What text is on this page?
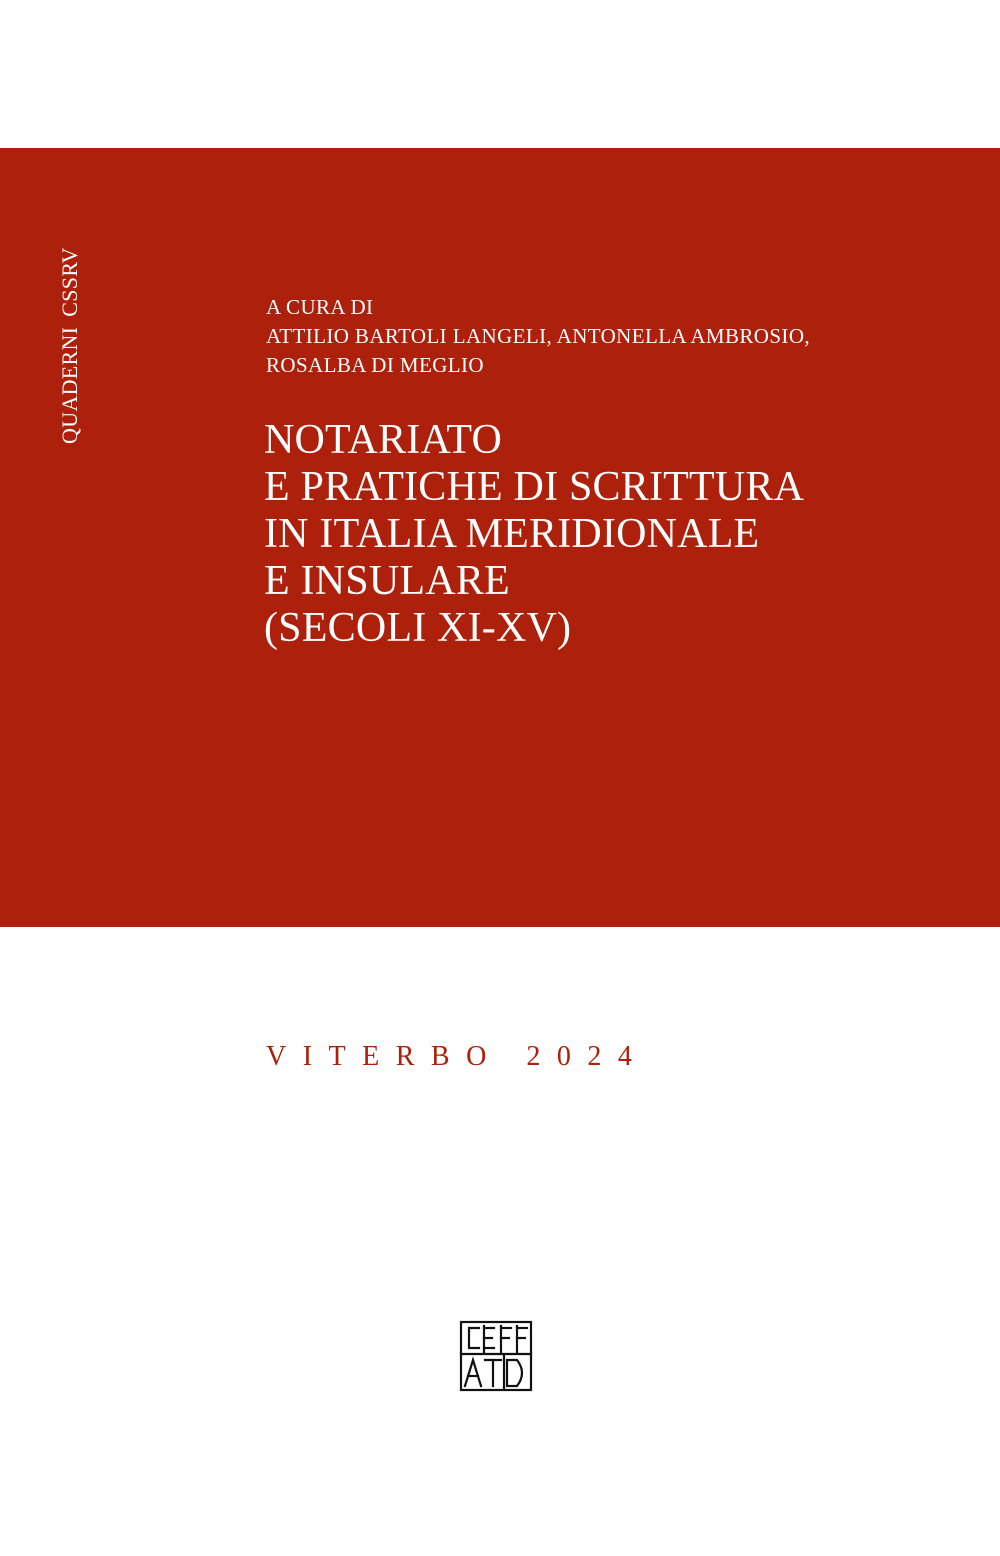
QUADERNICSSRV	A CURA DI
ATTILIO BARTOLI LANGELI, ANTONELLA AMBROSIO,
ROSALBA DI MEGLIO
NOTARIATO
E PRATICHE DI SCRITTURA
IN ITALIA MERIDIONALE
E INSULARE
(SECOLI XI-XV)
VITERBO 2024
